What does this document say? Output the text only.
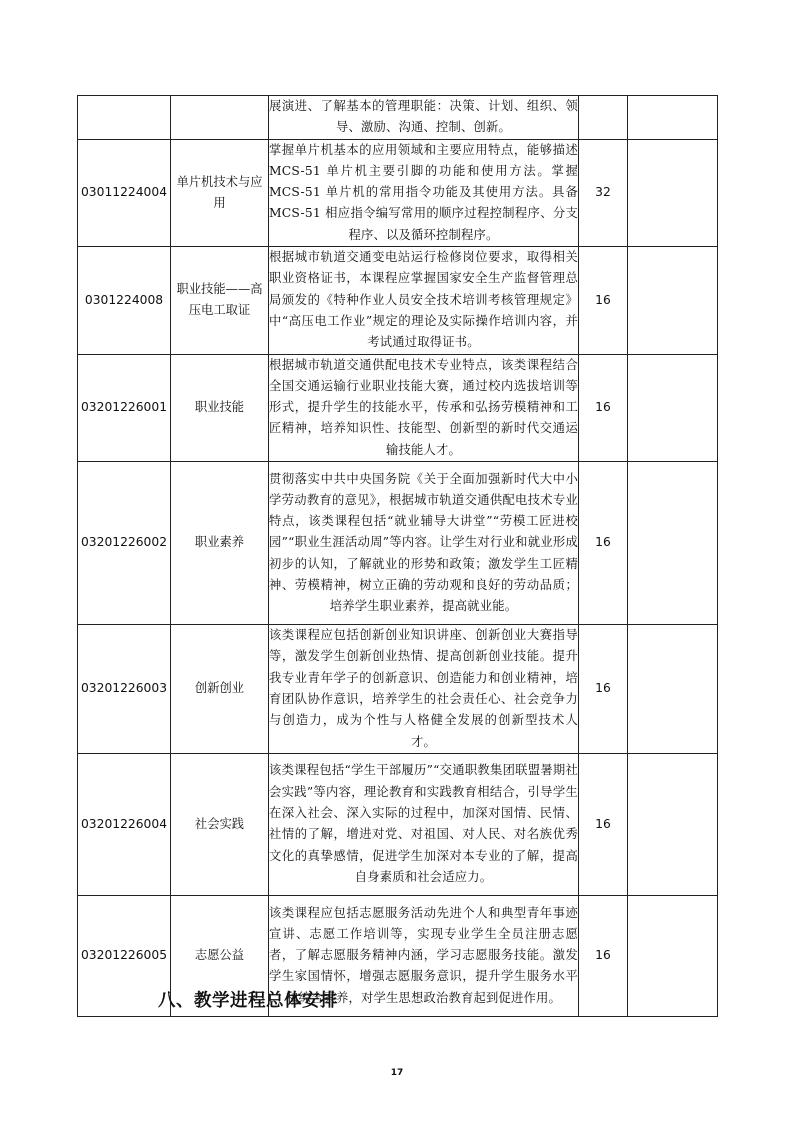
		展演进、了解基本的管理职能：决策、计划、组织、领导、激励、沟通、控制、创新。		
03011224004	单片机技术与应用	掌握单片机基本的应用领域和主要应用特点，能够描述 MCS-51 单片机主要引脚的功能和使用方法。掌握 MCS-51 单片机的常用指令功能及其使用方法。具备 MCS-51 相应指令编写常用的顺序过程控制程序、分支程序、以及循环控制程序。	32	
0301224008	职业技能——高压电工取证	根据城市轨道交通变电站运行检修岗位要求，取得相关职业资格证书，本课程应掌握国家安全生产监督管理总局颁发的《特种作业人员安全技术培训考核管理规定》中“高压电工作业”规定的理论及实际操作培训内容，并考试通过取得证书。	16	
03201226001	职业技能	根据城市轨道交通供配电技术专业特点，该类课程结合全国交通运输行业职业技能大赛，通过校内选拔培训等形式，提升学生的技能水平，传承和弘扬劳模精神和工匠精神，培养知识性、技能型、创新型的新时代交通运输技能人才。	16	
03201226002	职业素养	贯彻落实中共中央国务院《关于全面加强新时代大中小学劳动教育的意见》，根据城市轨道交通供配电技术专业特点，该类课程包括“就业辅导大讲堂”“劳模工匠进校园”“职业生涯活动周”等内容。让学生对行业和就业形成初步的认知，了解就业的形势和政策；激发学生工匠精神、劳模精神，树立正确的劳动观和良好的劳动品质；培养学生职业素养，提高就业能。	16	
03201226003	创新创业	该类课程应包括创新创业知识讲座、创新创业大赛指导等，激发学生创新创业热情、提高创新创业技能。提升我专业青年学子的创新意识、创造能力和创业精神，培育团队协作意识，培养学生的社会责任心、社会竞争力与创造力，成为个性与人格健全发展的创新型技术人才。	16	
03201226004	社会实践	该类课程包括“学生干部履历”“交通职教集团联盟暑期社会实践”等内容，理论教育和实践教育相结合，引导学生在深入社会、深入实际的过程中，加深对国情、民情、社情的了解，增进对党、对祖国、对人民、对名族优秀文化的真挚感情，促进学生加深对本专业的了解，提高自身素质和社会适应力。	16	
03201226005	志愿公益	该类课程应包括志愿服务活动先进个人和典型青年事迹宣讲、志愿工作培训等，实现专业学生全员注册志愿者，了解志愿服务精神内涵，学习志愿服务技能。激发学生家国情怀，增强志愿服务意识，提升学生服务水平和综合素养，对学生思想政治教育起到促进作用。	16	
八、教学进程总体安排
17
